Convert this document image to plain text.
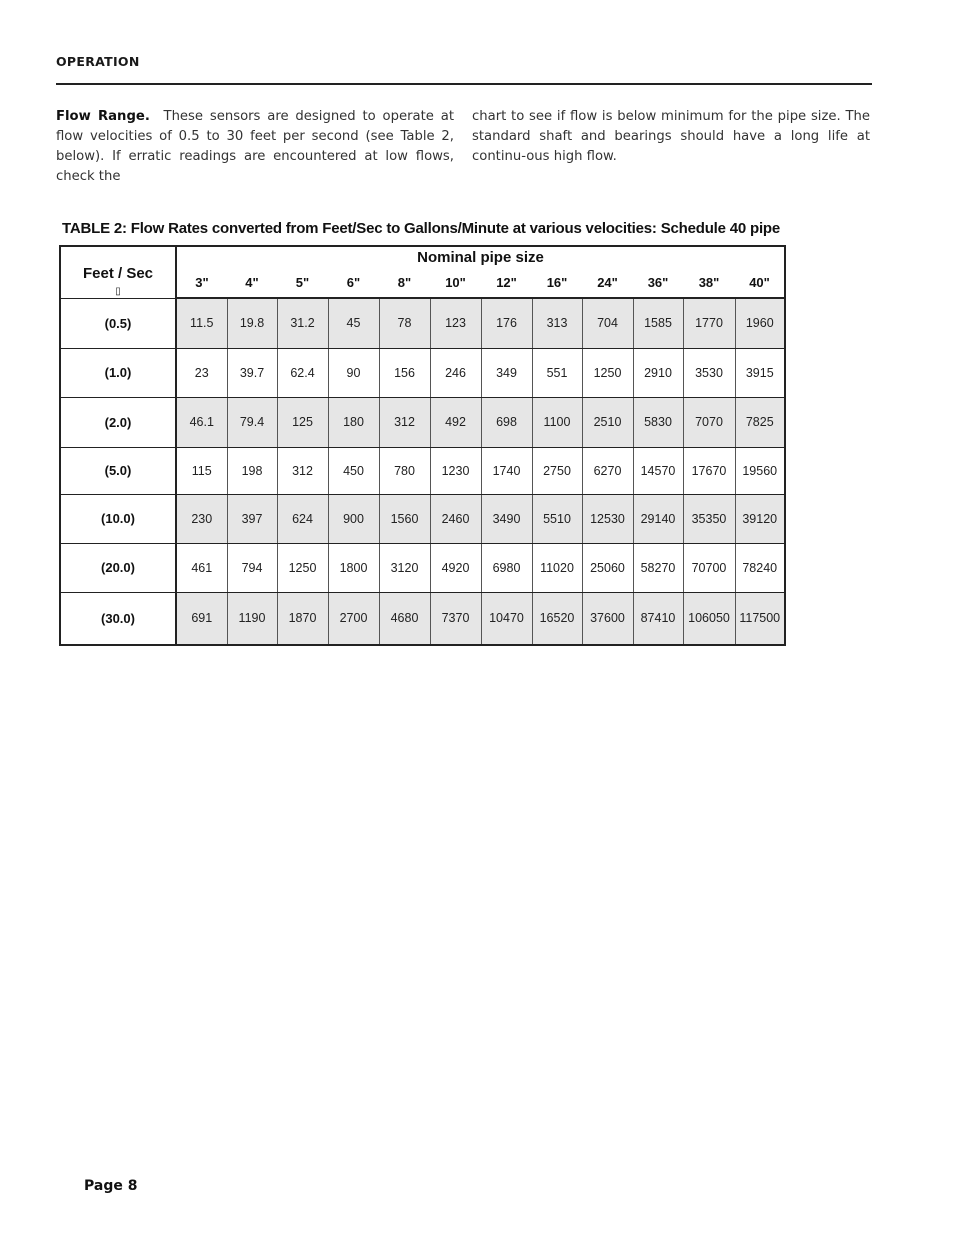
OPERATION
Flow Range. These sensors are designed to operate at flow velocities of 0.5 to 30 feet per second (see Table 2, below). If erratic readings are encountered at low flows, check the
chart to see if flow is below minimum for the pipe size. The standard shaft and bearings should have a long life at continu-ous high flow.
TABLE 2: Flow Rates converted from Feet/Sec to Gallons/Minute at various velocities: Schedule 40 pipe
Feet / Sec
▯	Nominal pipe size											
	3"	4"	5"	6"	8"	10"	12"	16"	24"	36"	38"	40"
(0.5)	11.5	19.8	31.2	45	78	123	176	313	704	1585	1770	1960
(1.0)	23	39.7	62.4	90	156	246	349	551	1250	2910	3530	3915
(2.0)	46.1	79.4	125	180	312	492	698	1100	2510	5830	7070	7825
(5.0)	115	198	312	450	780	1230	1740	2750	6270	14570	17670	19560
(10.0)	230	397	624	900	1560	2460	3490	5510	12530	29140	35350	39120
(20.0)	461	794	1250	1800	3120	4920	6980	11020	25060	58270	70700	78240
(30.0)	691	1190	1870	2700	4680	7370	10470	16520	37600	87410	106050	117500
Page 8
